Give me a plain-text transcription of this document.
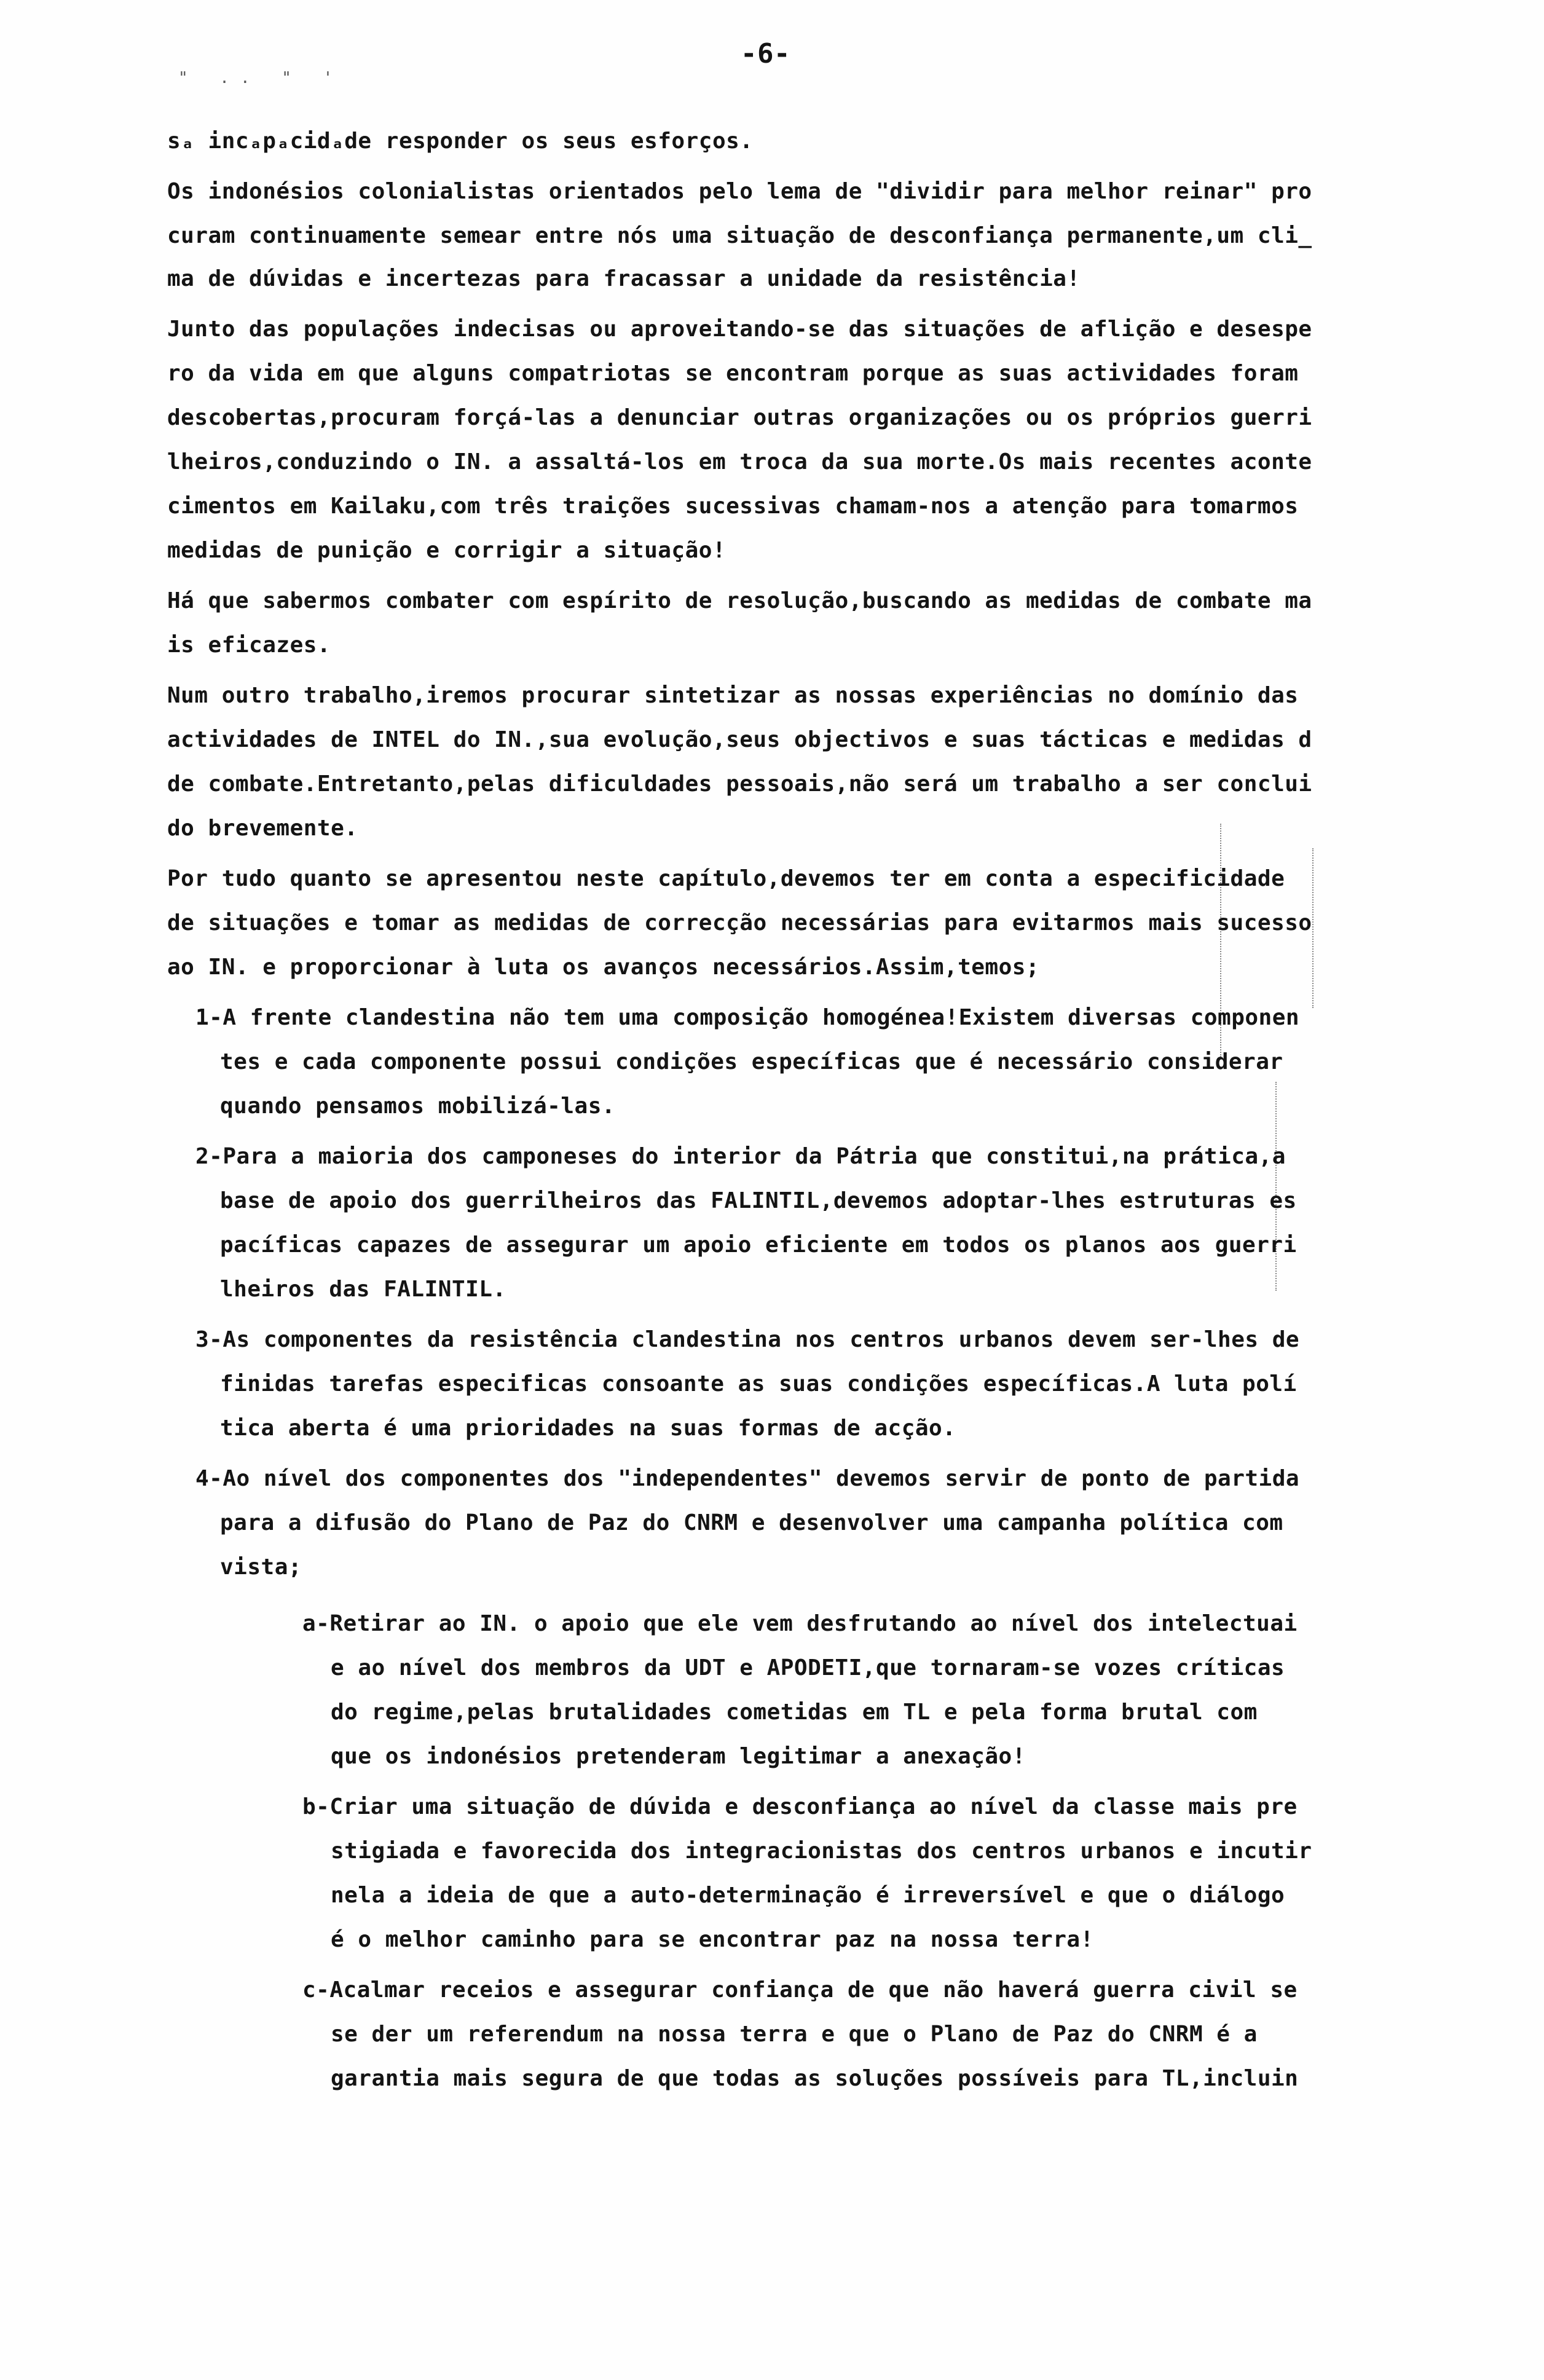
-6-
" .. " '
sₐ incₐpₐcidₐde responder os seus esforços.
Os indonésios colonialistas orientados pelo lema de "dividir para melhor reinar" pro
curam continuamente semear entre nós uma situação de desconfiança permanente,um cli_
ma de dúvidas e incertezas para fracassar a unidade da resistência!
Junto das populações indecisas ou aproveitando-se das situações de aflição e desespe
ro da vida em que alguns compatriotas se encontram porque as suas actividades foram
descobertas,procuram forçá-las a denunciar outras organizações ou os próprios guerri
lheiros,conduzindo o IN. a assaltá-los em troca da sua morte.Os mais recentes aconte
cimentos em Kailaku,com três traições sucessivas chamam-nos a atenção para tomarmos
medidas de punição e corrigir a situação!
Há que sabermos combater com espírito de resolução,buscando as medidas de combate ma
is eficazes.
Num outro trabalho,iremos procurar sintetizar as nossas experiências no domínio das
actividades de INTEL do IN.,sua evolução,seus objectivos e suas tácticas e medidas d
de combate.Entretanto,pelas dificuldades pessoais,não será um trabalho a ser conclui
do brevemente.
Por tudo quanto se apresentou neste capítulo,devemos ter em conta a especificidade
de situações e tomar as medidas de correcção necessárias para evitarmos mais sucesso
ao IN. e proporcionar à luta os avanços necessários.Assim,temos;
1-A frente clandestina não tem uma composição homogénea!Existem diversas componen
tes e cada componente possui condições específicas que é necessário considerar
quando pensamos mobilizá-las.
2-Para a maioria dos camponeses do interior da Pátria que constitui,na prática,a
base de apoio dos guerrilheiros das FALINTIL,devemos adoptar-lhes estruturas es
pacíficas capazes de assegurar um apoio eficiente em todos os planos aos guerri
lheiros das FALINTIL.
3-As componentes da resistência clandestina nos centros urbanos devem ser-lhes de
finidas tarefas especificas consoante as suas condições específicas.A luta polí
tica aberta é uma prioridades na suas formas de acção.
4-Ao nível dos componentes dos "independentes" devemos servir de ponto de partida
para a difusão do Plano de Paz do CNRM e desenvolver uma campanha política com
vista;
a-Retirar ao IN. o apoio que ele vem desfrutando ao nível dos intelectuai
e ao nível dos membros da UDT e APODETI,que tornaram-se vozes críticas
do regime,pelas brutalidades cometidas em TL e pela forma brutal com
que os indonésios pretenderam legitimar a anexação!
b-Criar uma situação de dúvida e desconfiança ao nível da classe mais pre
stigiada e favorecida dos integracionistas dos centros urbanos e incutir
nela a ideia de que a auto-determinação é irreversível e que o diálogo
é o melhor caminho para se encontrar paz na nossa terra!
c-Acalmar receios e assegurar confiança de que não haverá guerra civil se
se der um referendum na nossa terra e que o Plano de Paz do CNRM é a
garantia mais segura de que todas as soluções possíveis para TL,incluin
